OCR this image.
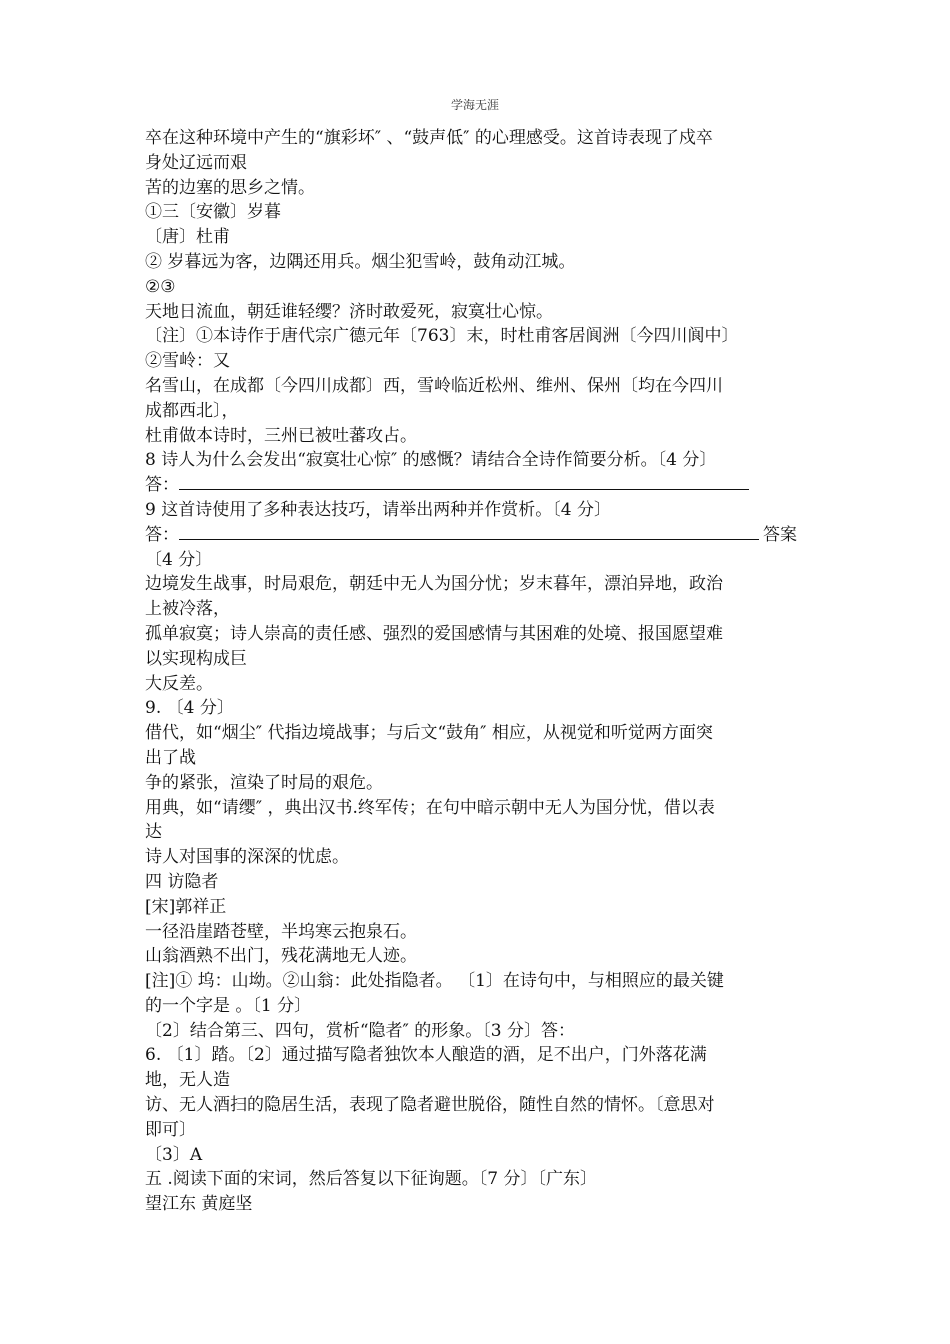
学海无涯
卒在这种环境中产生的“旗彩坏″ 、“鼓声低″ 的心理感受。这首诗表现了戍卒
身处辽远而艰
苦的边塞的思乡之情。
①三〔安徽〕岁暮
〔唐〕杜甫
② 岁暮远为客，边隅还用兵。烟尘犯雪岭，鼓角动江城。
②③
天地日流血，朝廷谁轻缨？济时敢爱死，寂寞壮心惊。
〔注〕①本诗作于唐代宗广德元年〔763〕末，时杜甫客居阆洲〔今四川阆中〕
②雪岭：又
名雪山，在成都〔今四川成都〕西，雪岭临近松州、维州、保州〔均在今四川
成都西北〕，
杜甫做本诗时，三州已被吐蕃攻占。
8 诗人为什么会发出“寂寞壮心惊″ 的感慨？请结合全诗作简要分析。〔4 分〕
答：
9 这首诗使用了多种表达技巧，请举出两种并作赏析。〔4 分〕
答：	答案
〔4 分〕
边境发生战事，时局艰危，朝廷中无人为国分忧；岁末暮年，漂泊异地，政治
上被冷落，
孤单寂寞；诗人崇高的责任感、强烈的爱国感情与其困难的处境、报国愿望难
以实现构成巨
大反差。
9. 〔4 分〕
借代，如“烟尘″ 代指边境战事；与后文“鼓角″ 相应，从视觉和听觉两方面突
出了战
争的紧张，渲染了时局的艰危。
用典，如“请缨″ ，典出汉书.终军传；在句中暗示朝中无人为国分忧，借以表
达
诗人对国事的深深的忧虑。
四 访隐者
[宋]郭祥正
一径沿崖踏苍壁，半坞寒云抱泉石。
山翁酒熟不出门，残花满地无人迹。
[注]① 坞：山坳。②山翁：此处指隐者。 〔1〕在诗句中，与相照应的最关键
的一个字是 。〔1 分〕
〔2〕结合第三、四句，赏析“隐者″ 的形象。〔3 分〕答：
6. 〔1〕踏。〔2〕通过描写隐者独饮本人酿造的酒，足不出户，门外落花满
地，无人造
访、无人酒扫的隐居生活，表现了隐者避世脱俗，随性自然的情怀。〔意思对
即可〕
〔3〕A
五 .阅读下面的宋词，然后答复以下征询题。〔7 分〕〔广东〕
望江东 黄庭坚
